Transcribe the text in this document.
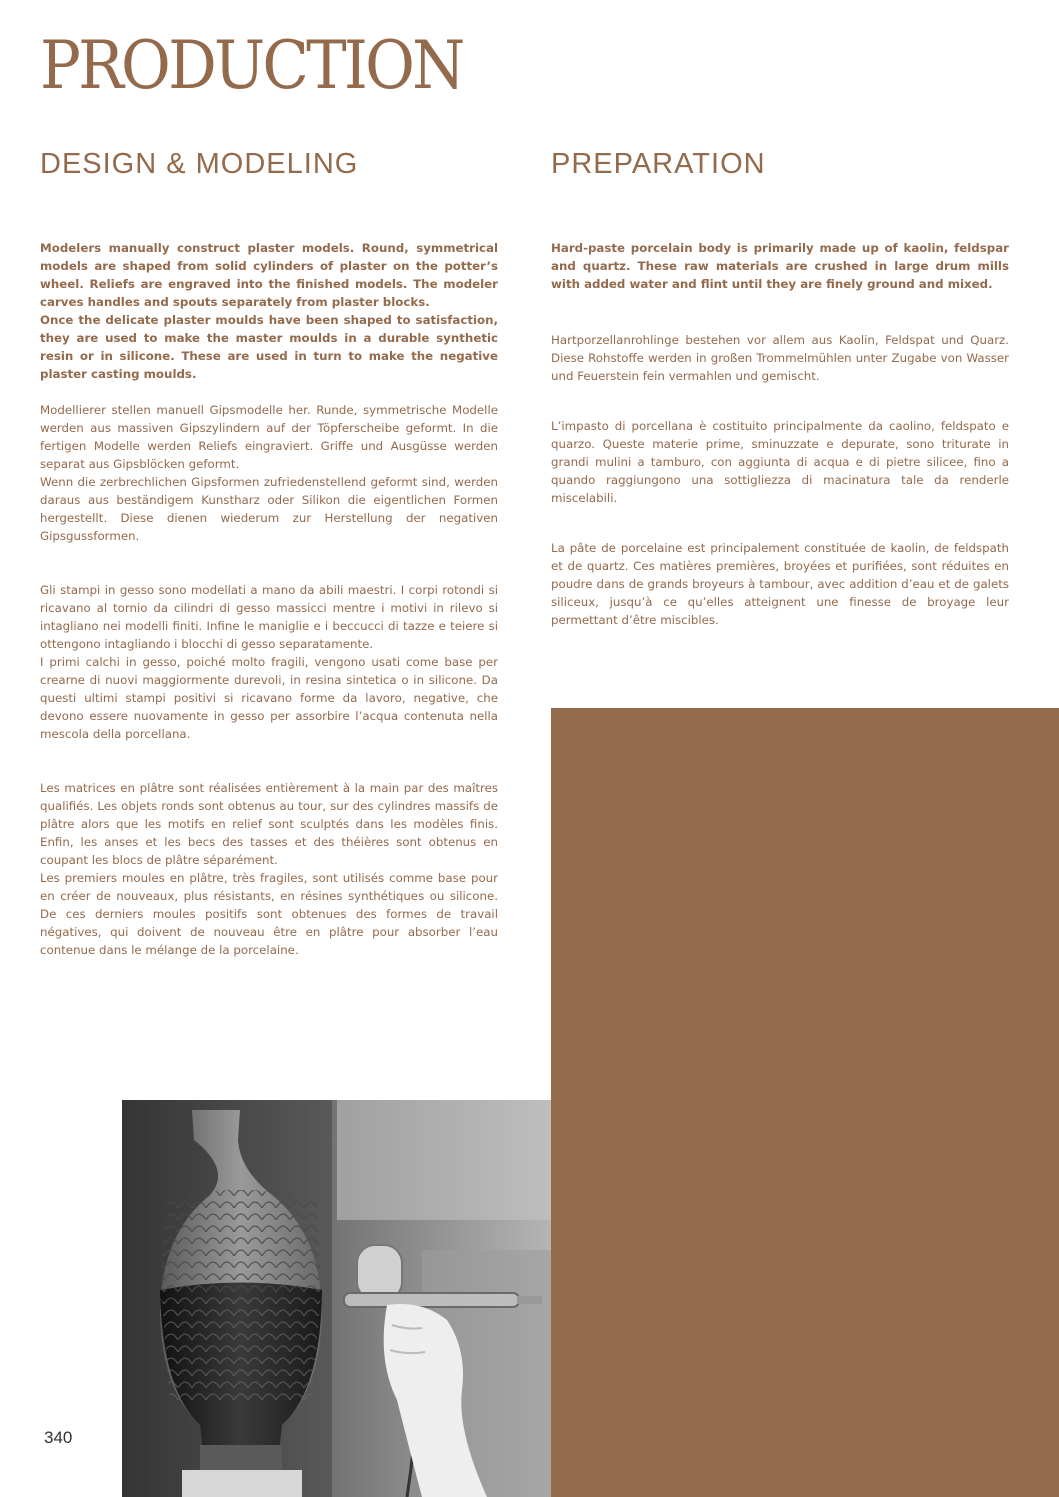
PRODUCTION
DESIGN & MODELING	PREPARATION

Modelers manually construct plaster models. Round, symmetrical models are shaped from solid cylinders of plaster on the potter’s wheel. Reliefs are engraved into the finished models. The modeler carves handles and spouts separately from plaster blocks.

Once the delicate plaster moulds have been shaped to satisfaction, they are used to make the master moulds in a durable synthetic resin or in silicone. These are used in turn to make the negative plaster casting moulds.

Modellierer stellen manuell Gipsmodelle her. Runde, symmetrische Modelle werden aus massiven Gipszylindern auf der Töpferscheibe geformt. In die fertigen Modelle werden Reliefs eingraviert. Griffe und Ausgüsse werden separat aus Gipsblöcken geformt.

Wenn die zerbrechlichen Gipsformen zufriedenstellend geformt sind, werden daraus aus beständigem Kunstharz oder Silikon die eigentlichen Formen hergestellt. Diese dienen wiederum zur Herstellung der negativen Gipsgussformen.

Gli stampi in gesso sono modellati a mano da abili maestri. I corpi rotondi si ricavano al tornio da cilindri di gesso massicci mentre i motivi in rilevo si intagliano nei modelli finiti. Infine le maniglie e i beccucci di tazze e teiere si ottengono intagliando i blocchi di gesso separatamente.

I primi calchi in gesso, poiché molto fragili, vengono usati come base per crearne di nuovi maggiormente durevoli, in resina sintetica o in silicone. Da questi ultimi stampi positivi si ricavano forme da lavoro, negative, che devono essere nuovamente in gesso per assorbire l’acqua contenuta nella mescola della porcellana.

Les matrices en plâtre sont réalisées entièrement à la main par des maîtres qualifiés. Les objets ronds sont obtenus au tour, sur des cylindres massifs de plâtre alors que les motifs en relief sont sculptés dans les modèles finis. Enfin, les anses et les becs des tasses et des théières sont obtenus en coupant les blocs de plâtre séparément.

Les premiers moules en plâtre, très fragiles, sont utilisés comme base pour en créer de nouveaux, plus résistants, en résines synthétiques ou silicone. De ces derniers moules positifs sont obtenues des formes de travail négatives, qui doivent de nouveau être en plâtre pour absorber l’eau contenue dans le mélange de la porcelaine.

Hard-paste porcelain body is primarily made up of kaolin, feldspar and quartz. These raw materials are crushed in large drum mills with added water and flint until they are finely ground and mixed.

Hartporzellanrohlinge bestehen vor allem aus Kaolin, Feldspat und Quarz. Diese Rohstoffe werden in großen Trommelmühlen unter Zugabe von Wasser und Feuerstein fein vermahlen und gemischt.

L’impasto di porcellana è costituito principalmente da caolino, feldspato e quarzo. Queste materie prime, sminuzzate e depurate, sono triturate in grandi mulini a tamburo, con aggiunta di acqua e di pietre silicee, fino a quando raggiungono una sottigliezza di macinatura tale da renderle miscelabili.

La pâte de porcelaine est principalement constituée de kaolin, de feldspath et de quartz. Ces matières premières, broyées et purifiées, sont réduites en poudre dans de grands broyeurs à tambour, avec addition d’eau et de galets siliceux, jusqu’à ce qu’elles atteignent une finesse de broyage leur permettant d’être miscibles.

340
